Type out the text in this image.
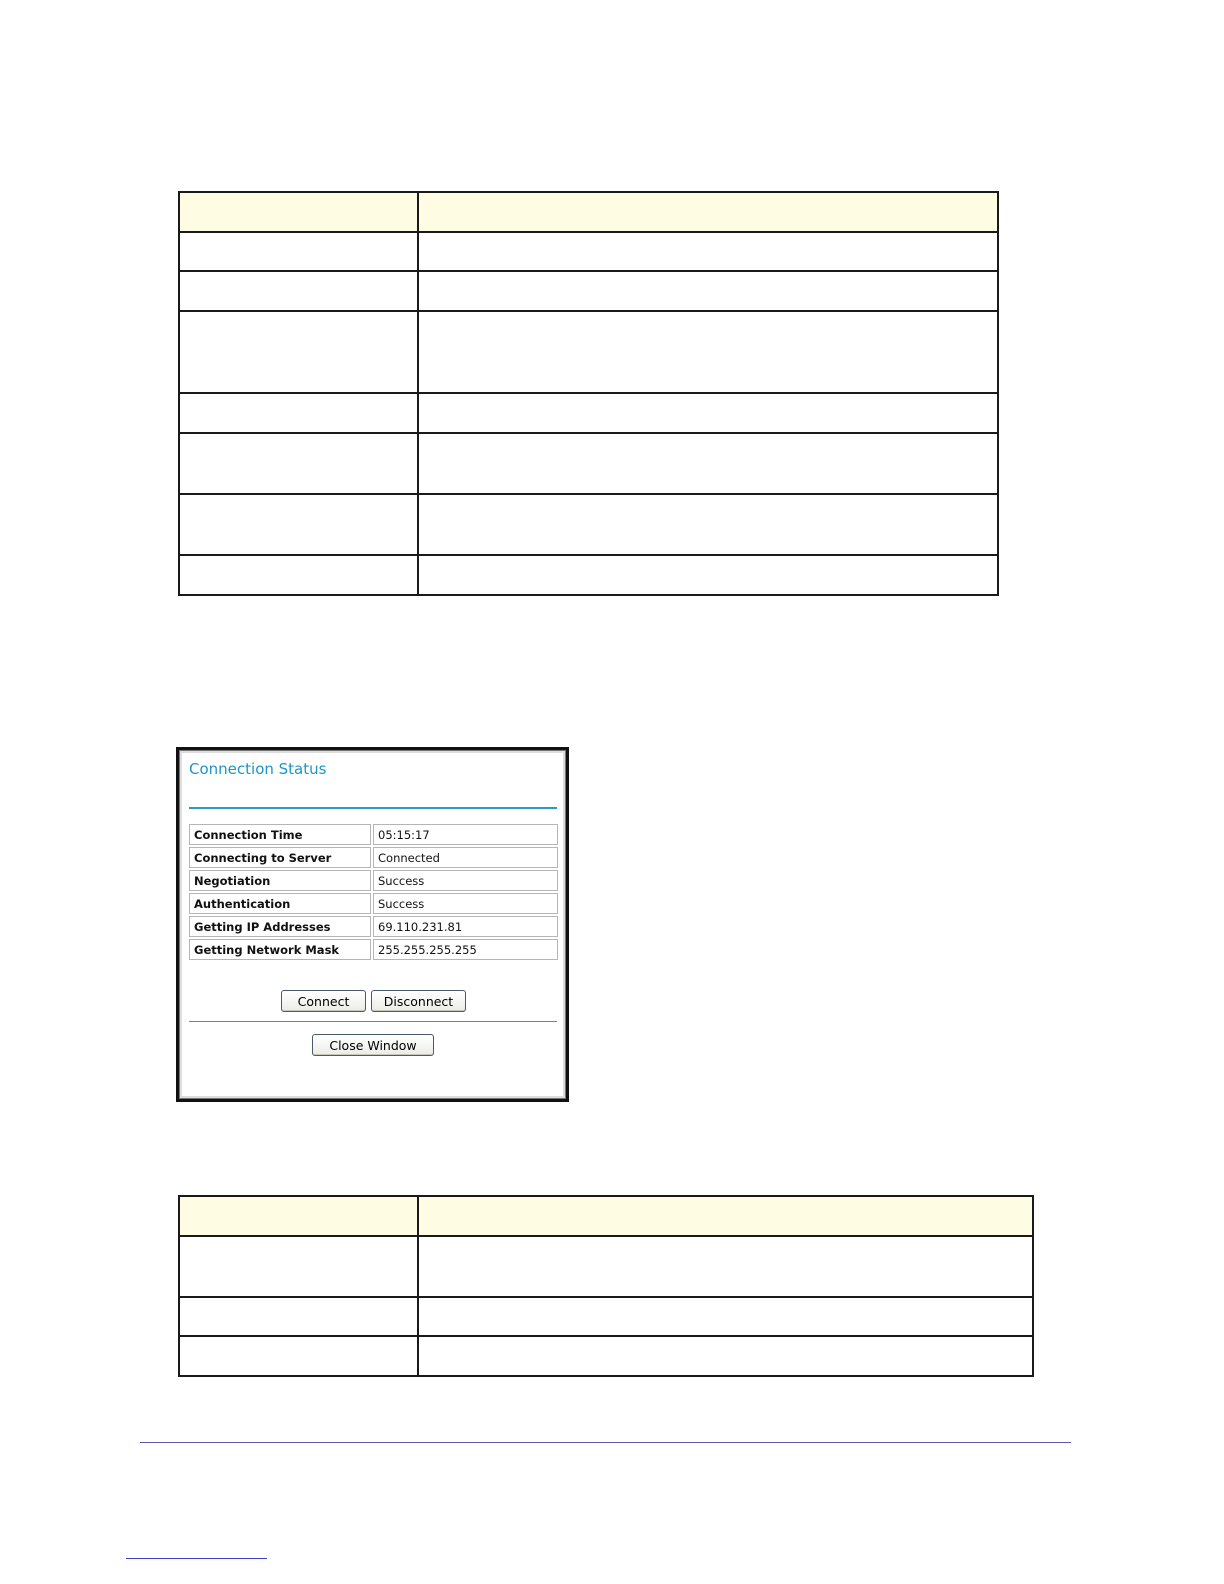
Connection Status
Connection Time	05:15:17
Connecting to Server	Connected
Negotiation	Success
Authentication	Success
Getting IP Addresses	69.110.231.81
Getting Network Mask	255.255.255.255
Connect	Disconnect
Close Window
